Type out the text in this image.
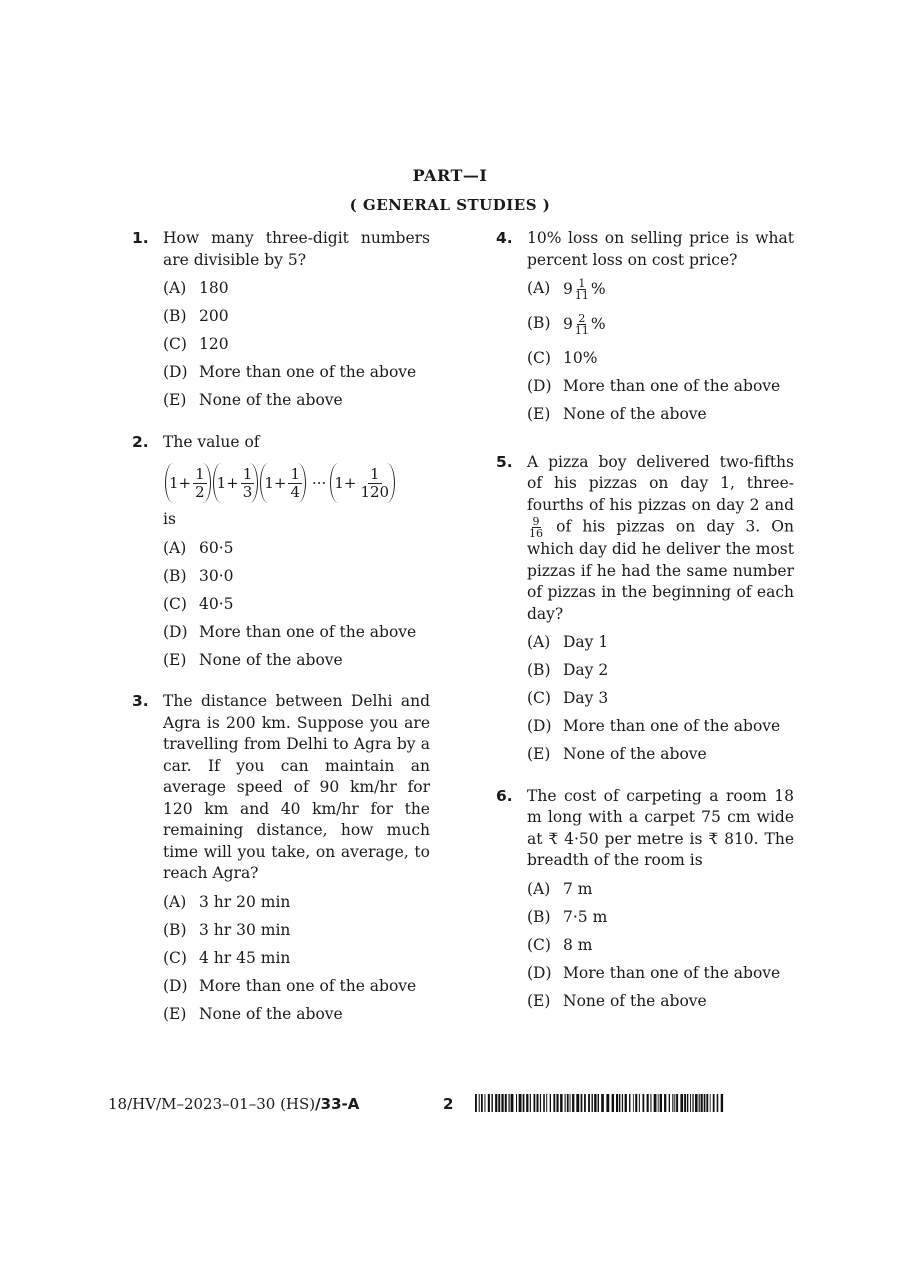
PART—I
( GENERAL STUDIES )
1. How many three-digit numbers are divisible by 5?
(A) 180
(B) 200
(C) 120
(D) More than one of the above
(E) None of the above
2. The value of
$1+ \frac{1}{2} 1+ \frac{1}{3} 1+ \frac{1}{4}$ ··· $1+ \frac{1}{120}$
is
(A) 60·5
(B) 30·0
(C) 40·5
(D) More than one of the above
(E) None of the above
3. The distance between Delhi and Agra is 200 km. Suppose you are travelling from Delhi to Agra by a car. If you can maintain an average speed of 90 km/hr for 120 km and 40 km/hr for the remaining distance, how much time will you take, on average, to reach Agra?
(A) 3 hr 20 min
(B) 3 hr 30 min
(C) 4 hr 45 min
(D) More than one of the above
(E) None of the above
4. 10% loss on selling price is what percent loss on cost price?
(A) $9 \frac{1}{11}$ %
(B) $9 \frac{2}{11}$ %
(C) 10%
(D) More than one of the above
(E) None of the above
5. A pizza boy delivered two-fifths of his pizzas on day 1, three-fourths of his pizzas on day 2 and
$\frac{9}{16}$ of his pizzas on day 3. On which day did he deliver the most pizzas if he had the same number of pizzas in the beginning of each day?
(A) Day 1
(B) Day 2
(C) Day 3
(D) More than one of the above
(E) None of the above
6. The cost of carpeting a room 18 m long with a carpet 75 cm wide at ₹ 4·50 per metre is ₹ 810. The breadth of the room is
(A) 7 m
(B) 7·5 m
(C) 8 m
(D) More than one of the above
(E) None of the above
18/HV/M–2023–01–30 (HS)/33-A	2
